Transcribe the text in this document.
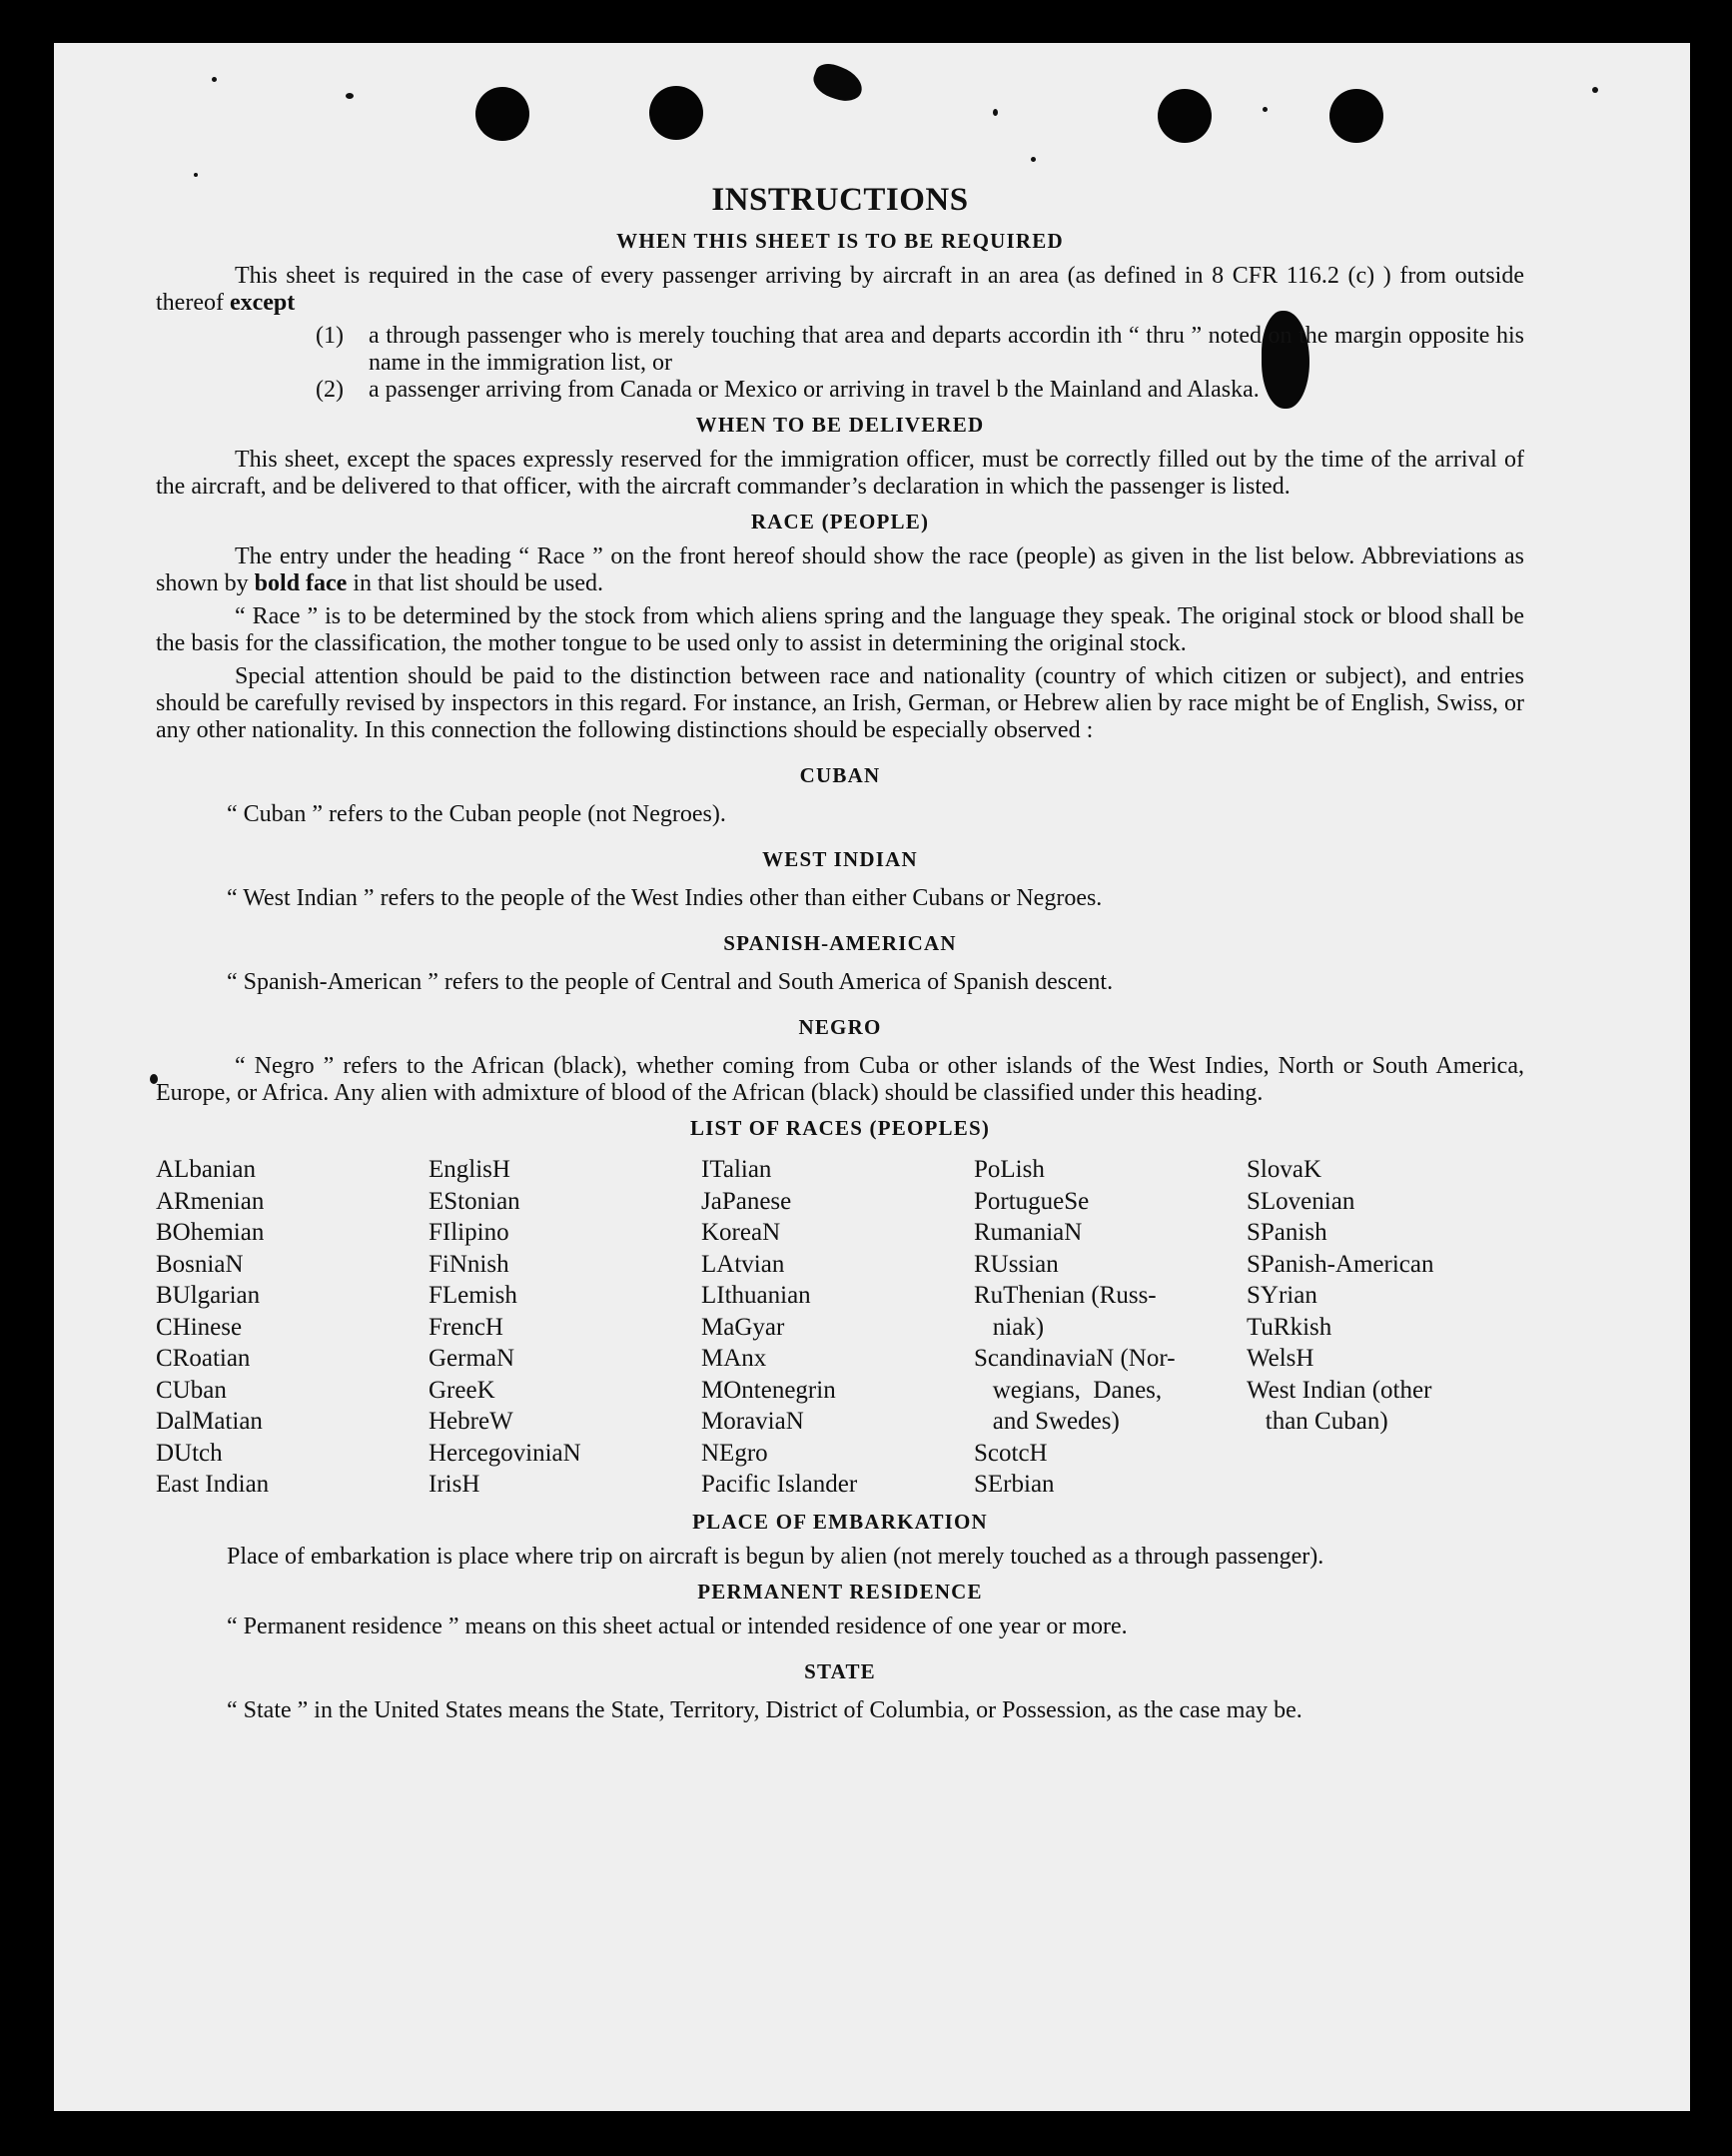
INSTRUCTIONS
WHEN THIS SHEET IS TO BE REQUIRED

This sheet is required in the case of every passenger arriving by aircraft in an area (as defined in 8 CFR 116.2 (c) ) from outside thereof except

(1)	a through passenger who is merely touching that area and departs accordin ith “ thru ” noted on the margin opposite his name in the immigration list, or
(2)	a passenger arriving from Canada or Mexico or arriving in travel b the Mainland and Alaska.
WHEN TO BE DELIVERED

This sheet, except the spaces expressly reserved for the immigration officer, must be correctly filled out by the time of the arrival of the aircraft, and be delivered to that officer, with the aircraft commander’s declaration in which the passenger is listed.

RACE (PEOPLE)

The entry under the heading “ Race ” on the front hereof should show the race (people) as given in the list below. Abbreviations as shown by bold face in that list should be used.

“ Race ” is to be determined by the stock from which aliens spring and the language they speak. The original stock or blood shall be the basis for the classification, the mother tongue to be used only to assist in determining the original stock.

Special attention should be paid to the distinction between race and nationality (country of which citizen or subject), and entries should be carefully revised by inspectors in this regard. For instance, an Irish, German, or Hebrew alien by race might be of English, Swiss, or any other nationality. In this connection the following distinctions should be especially observed :

CUBAN

“ Cuban ” refers to the Cuban people (not Negroes).

WEST INDIAN

“ West Indian ” refers to the people of the West Indies other than either Cubans or Negroes.

SPANISH-AMERICAN

“ Spanish-American ” refers to the people of Central and South America of Spanish descent.

NEGRO

“ Negro ” refers to the African (black), whether coming from Cuba or other islands of the West Indies, North or South America, Europe, or Africa. Any alien with admixture of blood of the African (black) should be classified under this heading.

LIST OF RACES (PEOPLES)
ALbanian
ARmenian
BOhemian
BosniaN
BUlgarian
CHinese
CRoatian
CUban
DalMatian
DUtch
East Indian
EnglisH
EStonian
FIlipino
FiNnish
FLemish
FrencH
GermaN
GreeK
HebreW
HercegoviniaN
IrisH
ITalian
JaPanese
KoreaN
LAtvian
LIthuanian
MaGyar
MAnx
MOntenegrin
MoraviaN
NEgro
Pacific Islander
PoLish
PortugueSe
RumaniaN
RUssian
RuThenian (Russ-
niak)
ScandinaviaN (Nor-
wegians,  Danes,
and Swedes)
ScotcH
SErbian
SlovaK
SLovenian
SPanish
SPanish-American
SYrian
TuRkish
WelsH
West Indian (other
than Cuban)
PLACE OF EMBARKATION

Place of embarkation is place where trip on aircraft is begun by alien (not merely touched as a through passenger).

PERMANENT RESIDENCE

“ Permanent residence ” means on this sheet actual or intended residence of one year or more.

STATE

“ State ” in the United States means the State, Territory, District of Columbia, or Possession, as the case may be.
